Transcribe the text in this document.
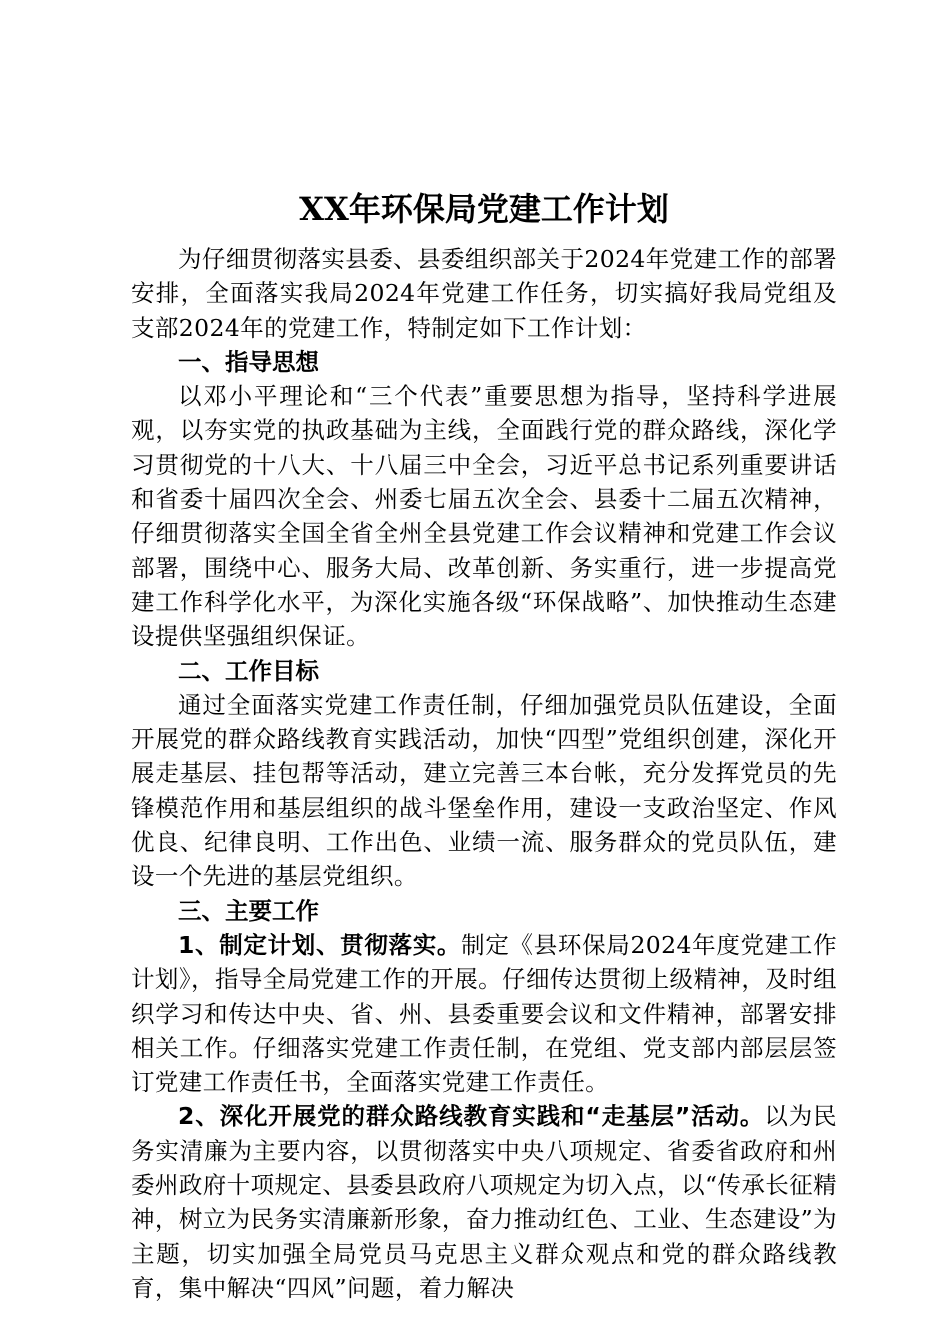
XX年环保局党建工作计划

为仔细贯彻落实县委、县委组织部关于2024年党建工作的部署安排，全面落实我局2024年党建工作任务，切实搞好我局党组及支部2024年的党建工作，特制定如下工作计划：

一、指导思想

以邓小平理论和“三个代表”重要思想为指导，坚持科学进展观，以夯实党的执政基础为主线，全面践行党的群众路线，深化学习贯彻党的十八大、十八届三中全会，习近平总书记系列重要讲话和省委十届四次全会、州委七届五次全会、县委十二届五次精神，仔细贯彻落实全国全省全州全县党建工作会议精神和党建工作会议部署，围绕中心、服务大局、改革创新、务实重行，进一步提高党建工作科学化水平，为深化实施各级“环保战略”、加快推动生态建设提供坚强组织保证。

二、工作目标

通过全面落实党建工作责任制，仔细加强党员队伍建设，全面开展党的群众路线教育实践活动，加快“四型”党组织创建，深化开展走基层、挂包帮等活动，建立完善三本台帐，充分发挥党员的先锋模范作用和基层组织的战斗堡垒作用，建设一支政治坚定、作风优良、纪律良明、工作出色、业绩一流、服务群众的党员队伍，建设一个先进的基层党组织。

三、主要工作

1、制定计划、贯彻落实。制定《县环保局2024年度党建工作计划》，指导全局党建工作的开展。仔细传达贯彻上级精神，及时组织学习和传达中央、省、州、县委重要会议和文件精神，部署安排相关工作。仔细落实党建工作责任制，在党组、党支部内部层层签订党建工作责任书，全面落实党建工作责任。

2、深化开展党的群众路线教育实践和“走基层”活动。以为民务实清廉为主要内容，以贯彻落实中央八项规定、省委省政府和州委州政府十项规定、县委县政府八项规定为切入点，以“传承长征精神，树立为民务实清廉新形象，奋力推动红色、工业、生态建设”为主题，切实加强全局党员马克思主义群众观点和党的群众路线教育，集中解决“四风”问题，着力解决
